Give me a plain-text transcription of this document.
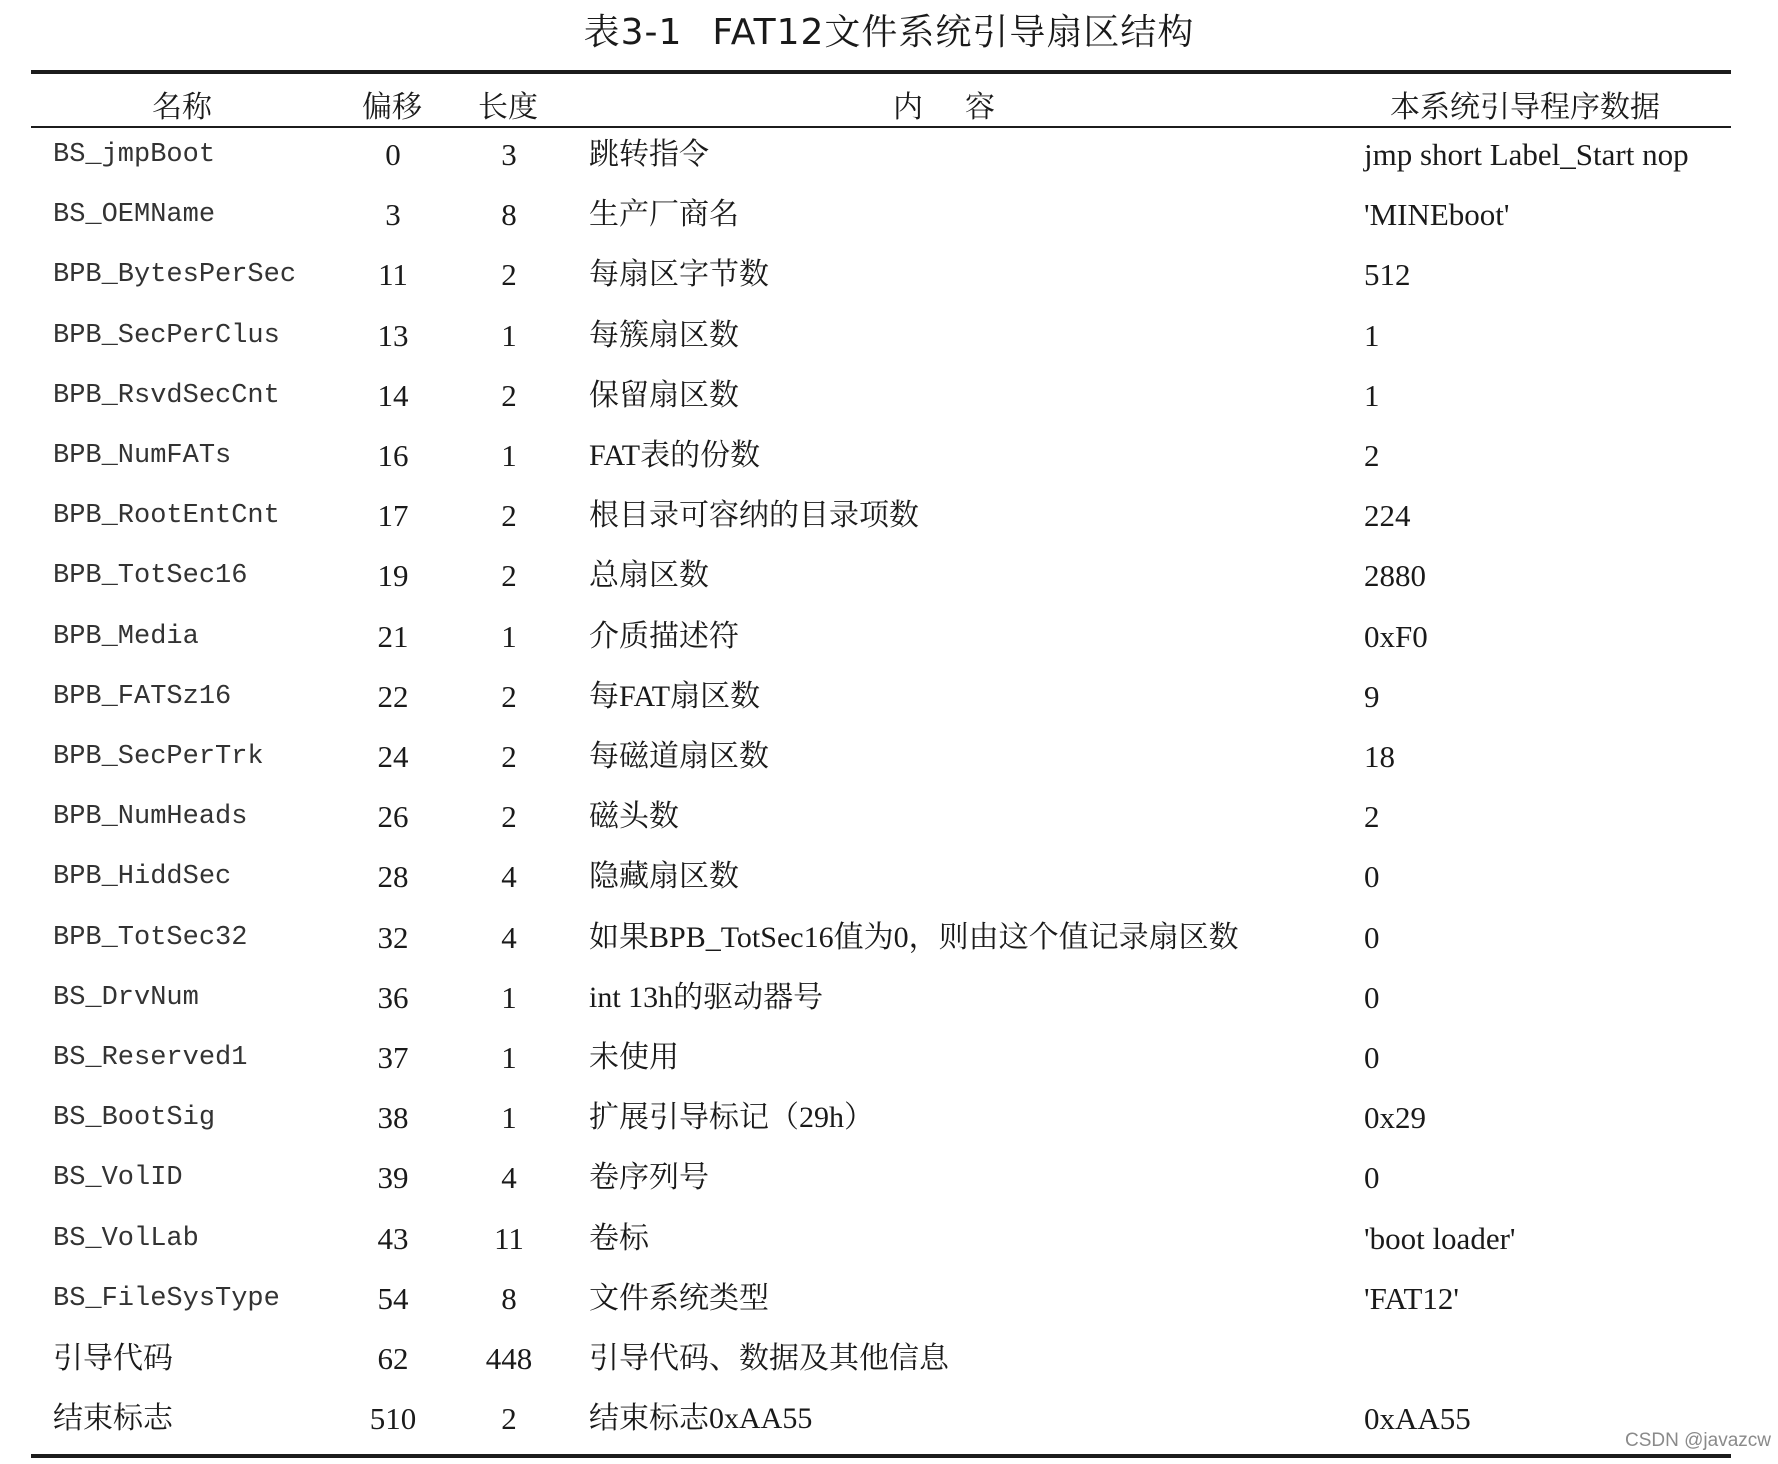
表3-1 FAT12文件系统引导扇区结构
名称	偏移 长度	内容	本系统引导程序数据
BS_jmpBoot	0	3	跳转指令	jmp short Label_Start nop
BS_OEMName	3	8	生产厂商名	'MINEboot'
BPB_BytesPerSec	11	2	每扇区字节数	512
BPB_SecPerClus	13	1	每簇扇区数	1
BPB_RsvdSecCnt	14	2	保留扇区数	1
BPB_NumFATs	16	1	FAT表的份数	2
BPB_RootEntCnt	17	2	根目录可容纳的目录项数	224
BPB_TotSec16	19	2	总扇区数	2880
BPB_Media	21	1	介质描述符	0xF0
BPB_FATSz16	22	2	每FAT扇区数	9
BPB_SecPerTrk	24	2	每磁道扇区数	18
BPB_NumHeads	26	2	磁头数	2
BPB_HiddSec	28	4	隐藏扇区数	0
BPB_TotSec32	32	4	如果BPB_TotSec16值为0，则由这个值记录扇区数	0
BS_DrvNum	36	1	int 13h的驱动器号	0
BS_Reserved1	37	1	未使用	0
BS_BootSig	38	1	扩展引导标记（29h）	0x29
BS_VolID	39	4	卷序列号	0
BS_VolLab	43	11	卷标	'boot loader'
BS_FileSysType	54	8	文件系统类型	'FAT12'
引导代码	62	448	引导代码、数据及其他信息
结束标志	510	2	结束标志0xAA55	0xAA55
CSDN @javazcw
